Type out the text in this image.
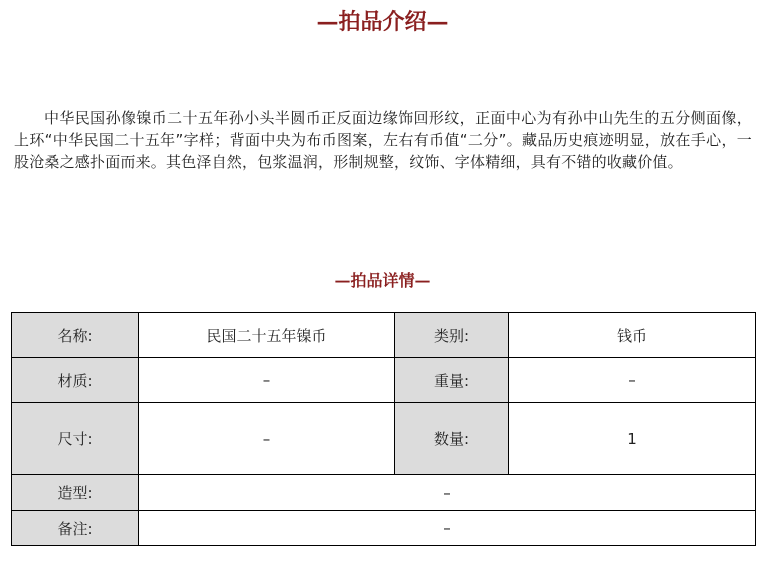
—拍品介绍—

中华民国孙像镍币二十五年孙小头半圆币正反面边缘饰回形纹，正面中心为有孙中山先生的五分侧面像，上环“中华民国二十五年”字样；背面中央为布币图案，左右有币值“二分”。藏品历史痕迹明显，放在手心，一股沧桑之感扑面而来。其色泽自然，包浆温润，形制规整，纹饰、字体精细，具有不错的收藏价值。

—拍品详情—
名称:	民国二十五年镍币	类别:	钱币
材质:	–	重量:	–
尺寸:	–	数量:	1
造型:	–		
备注:	–		
